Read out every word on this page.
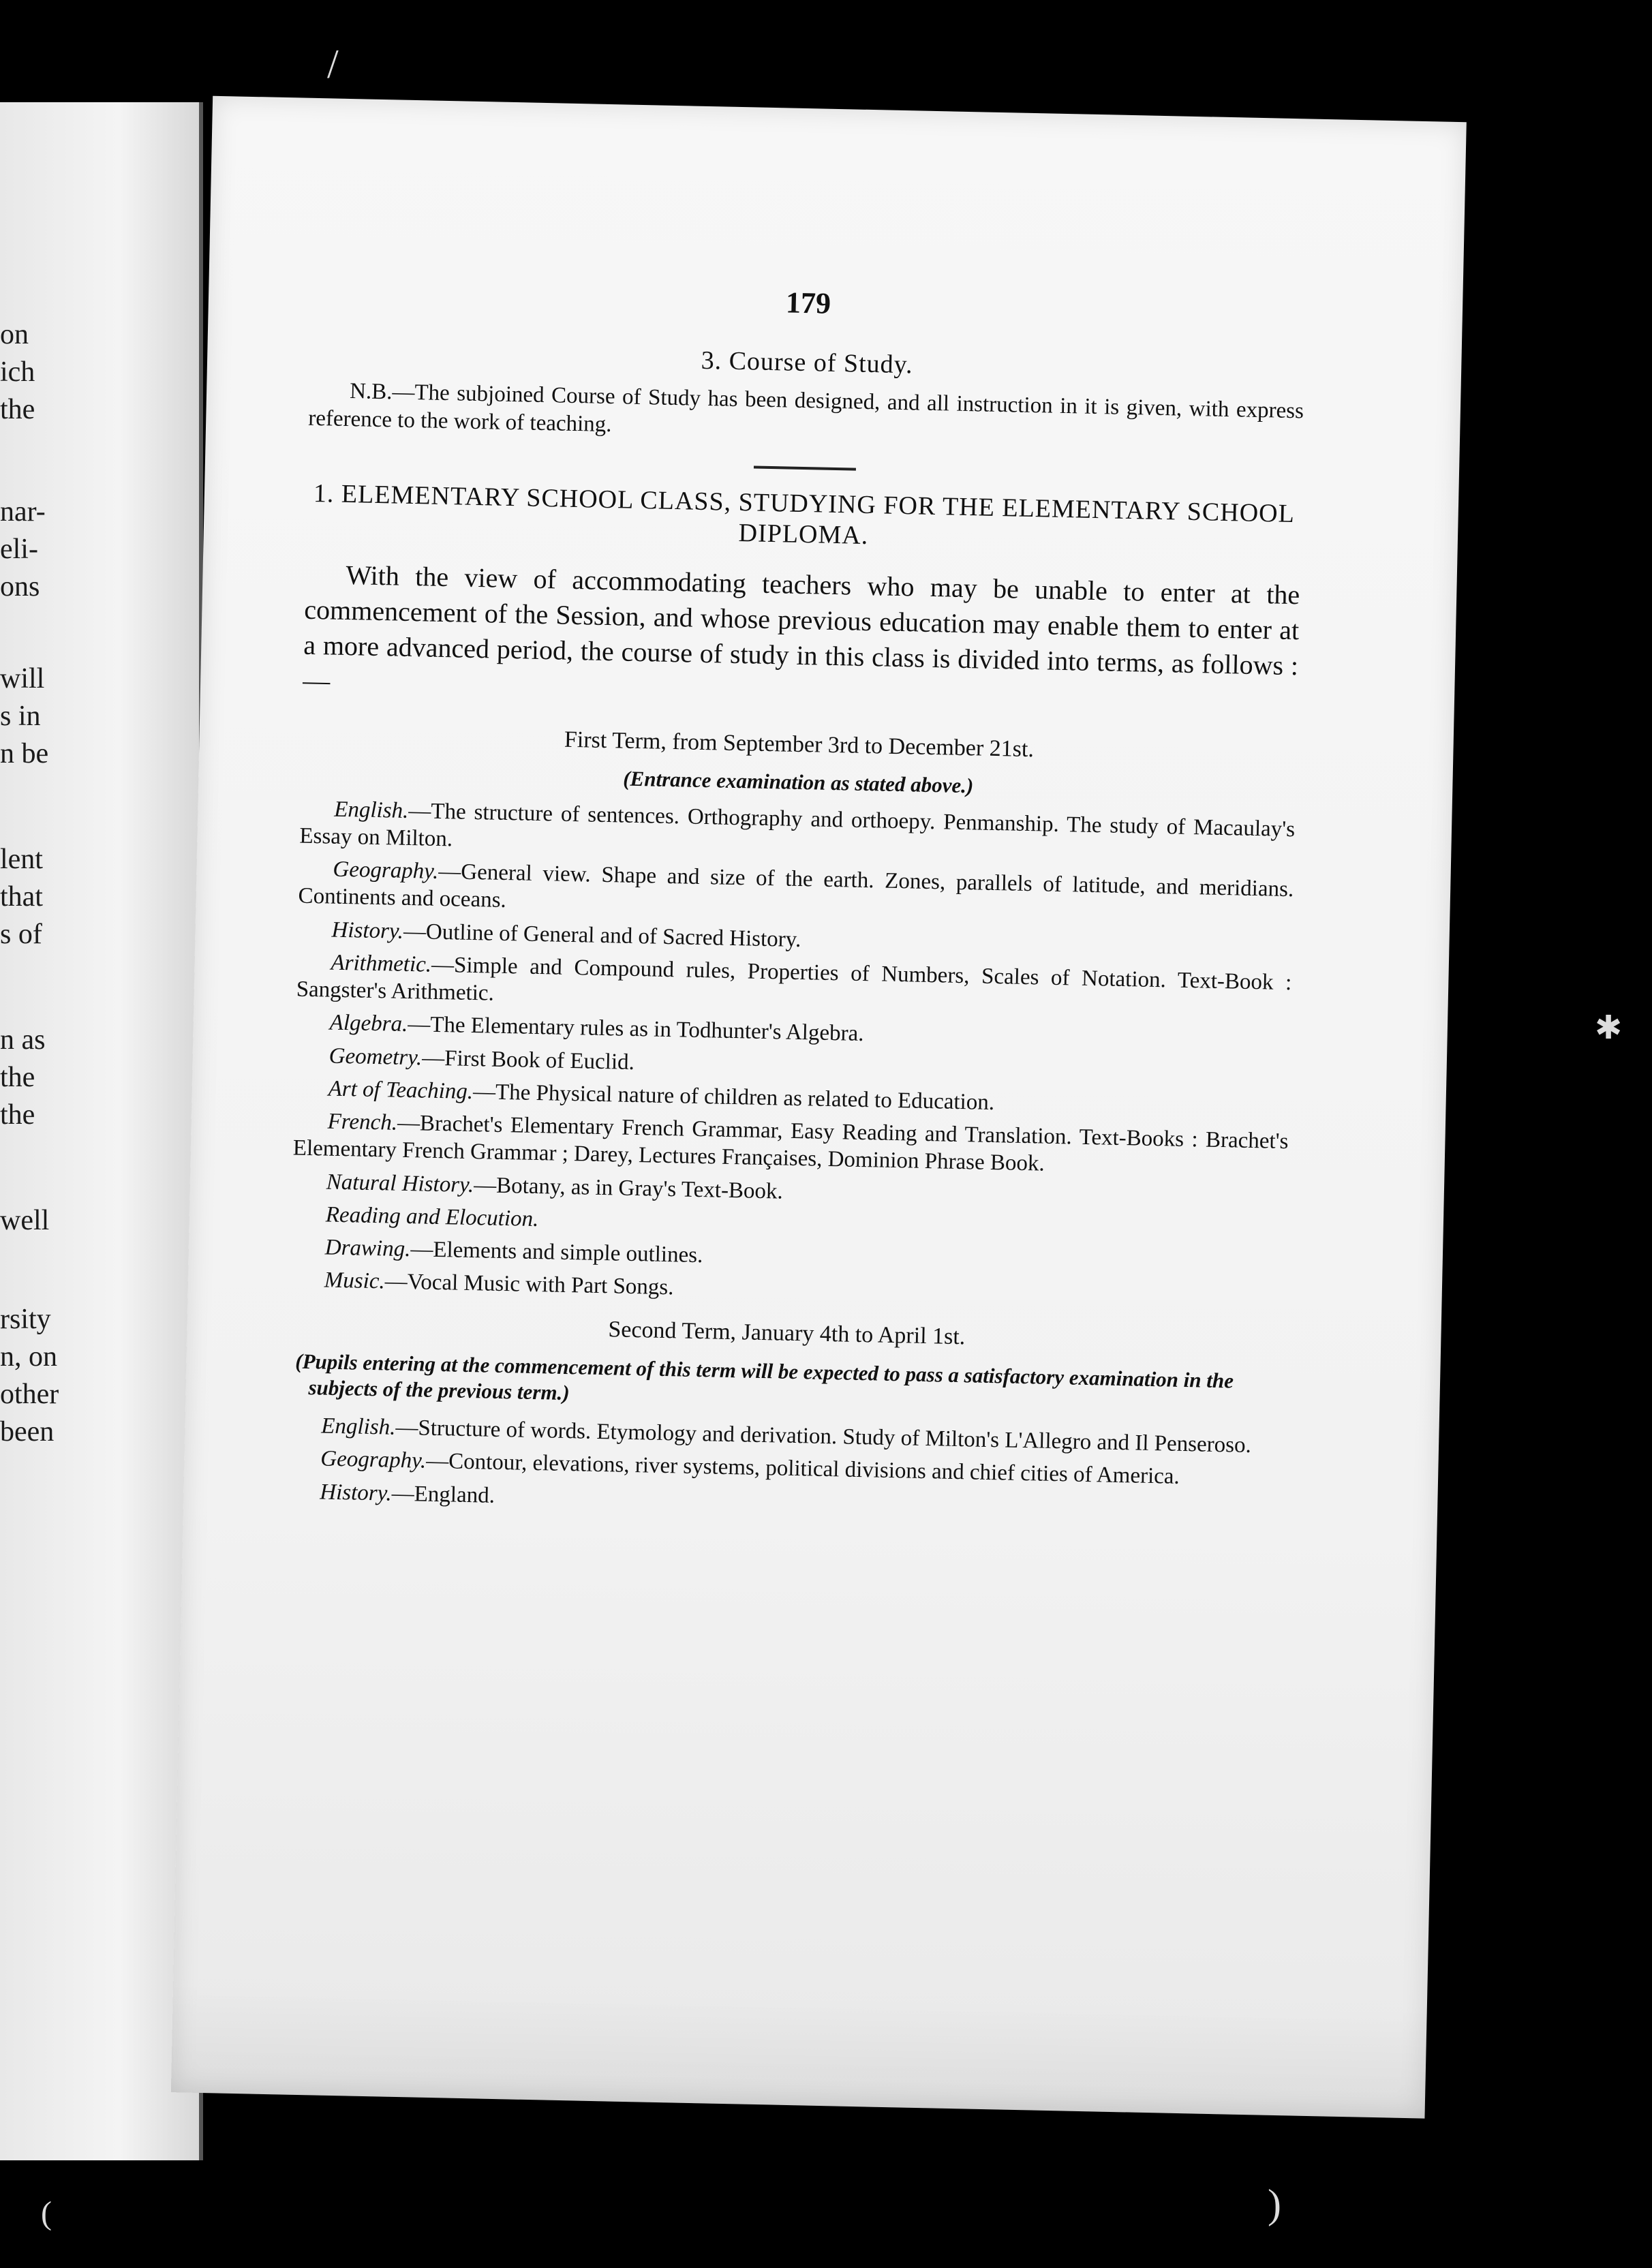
on
ich
the
nar-
eli-
ons
will
s in
n be
lent
that
s of
n as
the
the
well
rsity
n, on
other
been
179
3. Course of Study.

N.B.—The subjoined Course of Study has been designed, and all instruction in it is given, with express reference to the work of teaching.

1. ELEMENTARY SCHOOL CLASS, STUDYING FOR THE ELEMENTARY SCHOOL DIPLOMA.

With the view of accommodating teachers who may be unable to enter at the commencement of the Session, and whose previous education may enable them to enter at a more advanced period, the course of study in this class is divided into terms, as follows :—

First Term, from September 3rd to December 21st.
(Entrance examination as stated above.)

English.—The structure of sentences. Orthography and orthoepy. Penmanship. The study of Macaulay's Essay on Milton.

Geography.—General view. Shape and size of the earth. Zones, parallels of latitude, and meridians. Continents and oceans.

History.—Outline of General and of Sacred History.

Arithmetic.—Simple and Compound rules, Properties of Numbers, Scales of Notation. Text-Book : Sangster's Arithmetic.

Algebra.—The Elementary rules as in Todhunter's Algebra.

Geometry.—First Book of Euclid.

Art of Teaching.—The Physical nature of children as related to Education.

French.—Brachet's Elementary French Grammar, Easy Reading and Translation. Text-Books : Brachet's Elementary French Grammar ; Darey, Lectures Françaises, Dominion Phrase Book.

Natural History.—Botany, as in Gray's Text-Book.

Reading and Elocution.

Drawing.—Elements and simple outlines.

Music.—Vocal Music with Part Songs.

Second Term, January 4th to April 1st.
(Pupils entering at the commencement of this term will be expected to pass a satisfactory examination in the subjects of the previous term.)

English.—Structure of words. Etymology and derivation. Study of Milton's L'Allegro and Il Penseroso.

Geography.—Contour, elevations, river systems, political divisions and chief cities of America.

History.—England.

/
✱
(	)
